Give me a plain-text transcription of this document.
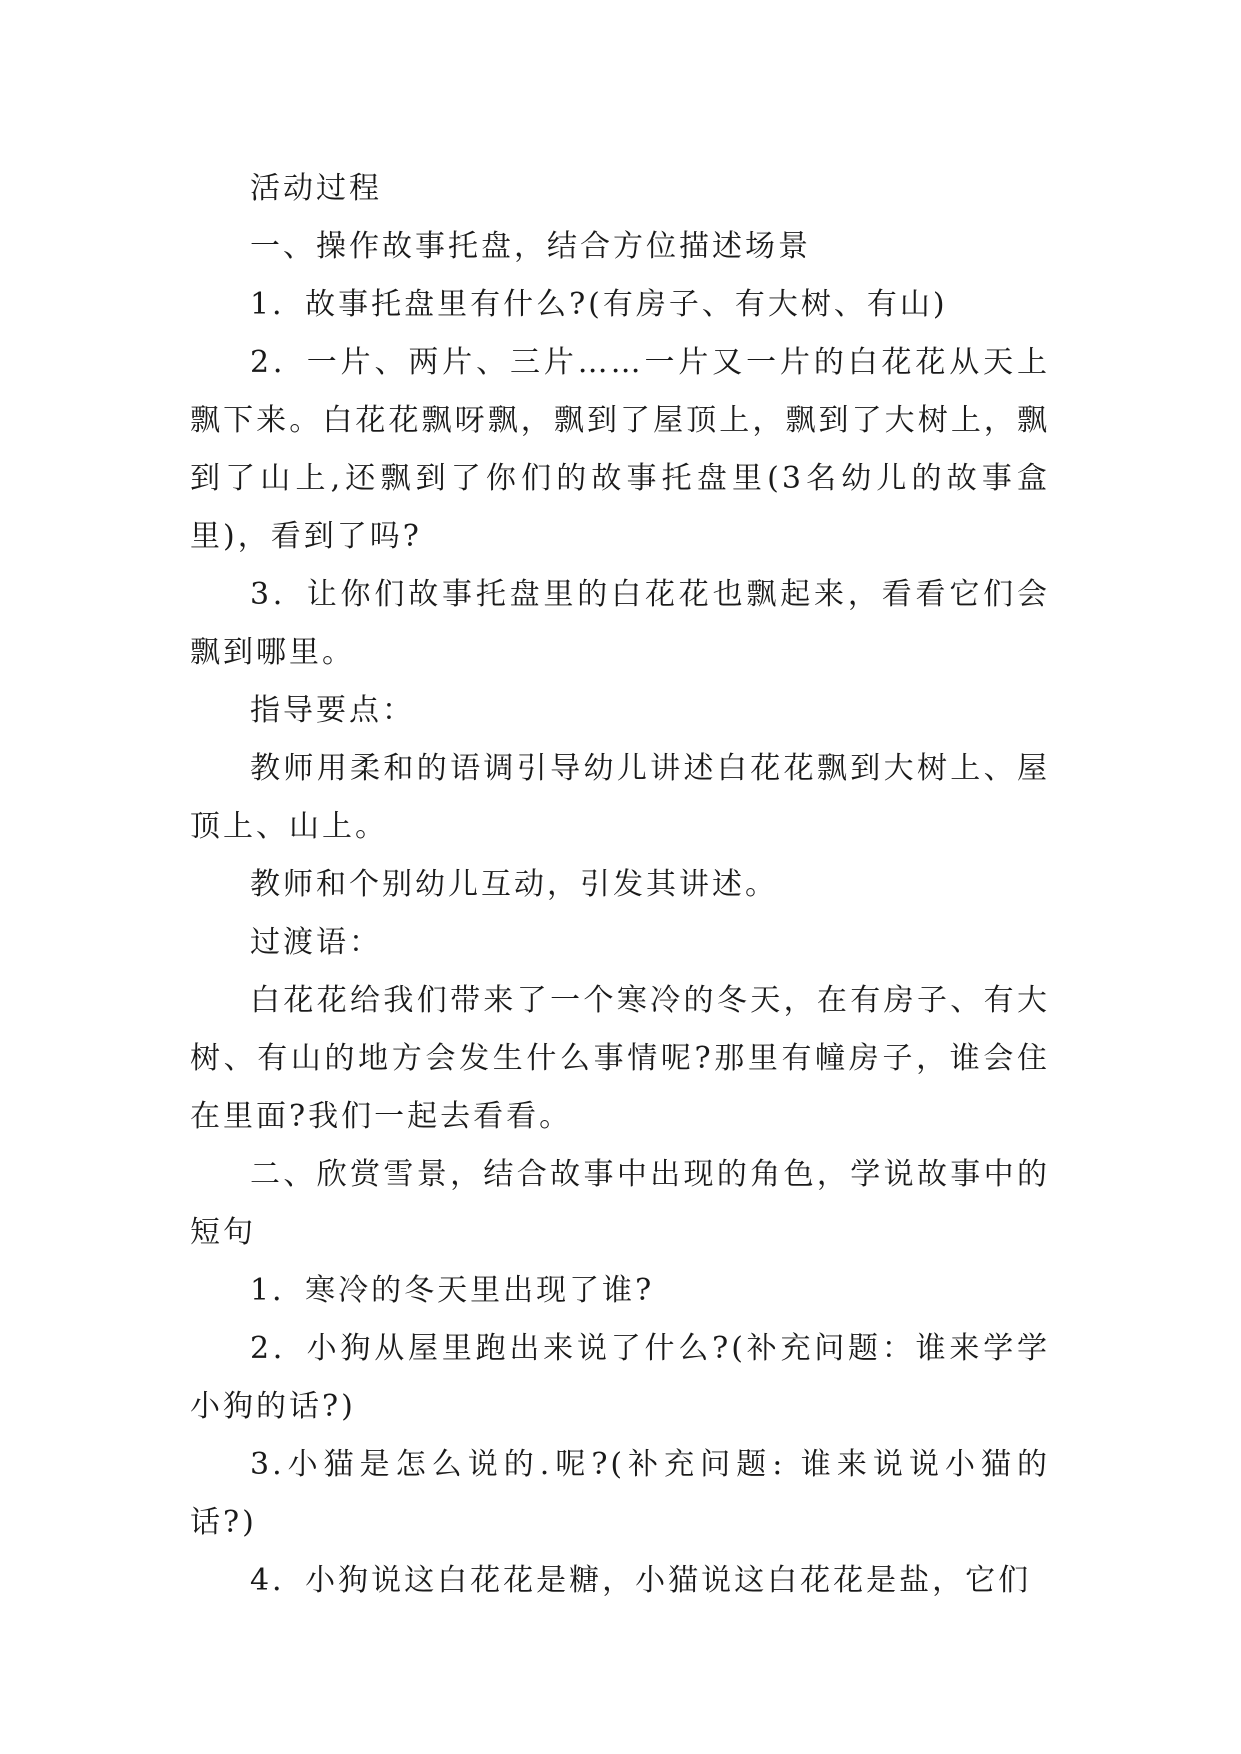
活动过程

一、操作故事托盘，结合方位描述场景

1．故事托盘里有什么?(有房子、有大树、有山)

2．一片、两片、三片……一片又一片的白花花从天上飘下来。白花花飘呀飘，飘到了屋顶上，飘到了大树上，飘到了山上,还飘到了你们的故事托盘里(3名幼儿的故事盒里)，看到了吗?

3．让你们故事托盘里的白花花也飘起来，看看它们会飘到哪里。

指导要点：

教师用柔和的语调引导幼儿讲述白花花飘到大树上、屋顶上、山上。

教师和个别幼儿互动，引发其讲述。

过渡语：

白花花给我们带来了一个寒冷的冬天，在有房子、有大树、有山的地方会发生什么事情呢?那里有幢房子，谁会住在里面?我们一起去看看。

二、欣赏雪景，结合故事中出现的角色，学说故事中的短句

1．寒冷的冬天里出现了谁?

2．小狗从屋里跑出来说了什么?(补充问题：谁来学学小狗的话?)

3.小猫是怎么说的.呢?(补充问题: 谁来说说小猫的话?)

4．小狗说这白花花是糖，小猫说这白花花是盐，它们
